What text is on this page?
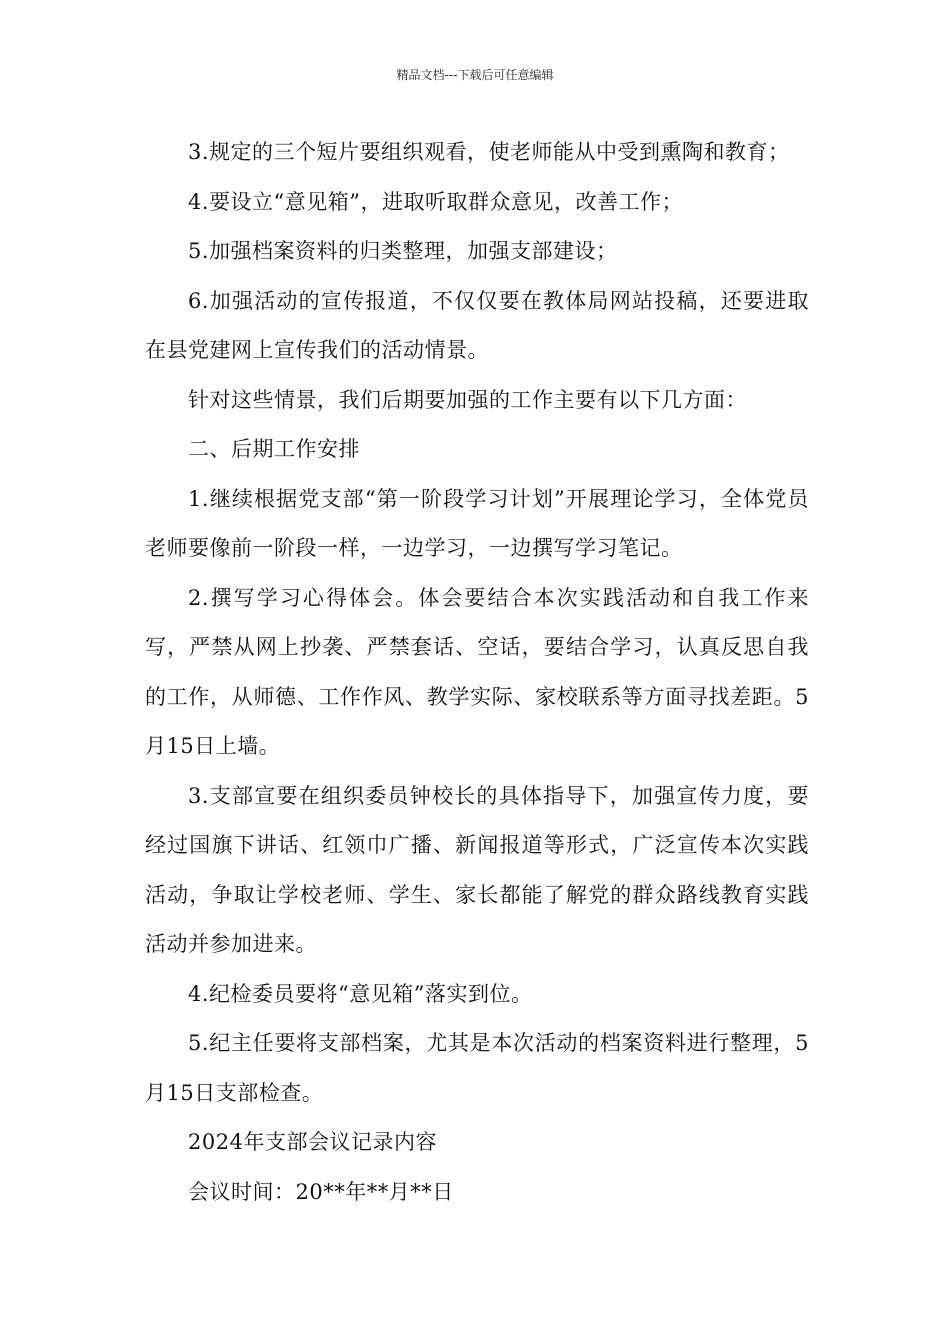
精品文档---下载后可任意编辑

3.规定的三个短片要组织观看，使老师能从中受到熏陶和教育；

4.要设立“意见箱”，进取听取群众意见，改善工作；

5.加强档案资料的归类整理，加强支部建设；

6.加强活动的宣传报道，不仅仅要在教体局网站投稿，还要进取在县党建网上宣传我们的活动情景。

针对这些情景，我们后期要加强的工作主要有以下几方面：

二、后期工作安排

1.继续根据党支部“第一阶段学习计划”开展理论学习，全体党员老师要像前一阶段一样，一边学习，一边撰写学习笔记。

2.撰写学习心得体会。体会要结合本次实践活动和自我工作来写，严禁从网上抄袭、严禁套话、空话，要结合学习，认真反思自我的工作，从师德、工作作风、教学实际、家校联系等方面寻找差距。5月15日上墙。

3.支部宣要在组织委员钟校长的具体指导下，加强宣传力度，要经过国旗下讲话、红领巾广播、新闻报道等形式，广泛宣传本次实践活动，争取让学校老师、学生、家长都能了解党的群众路线教育实践活动并参加进来。

4.纪检委员要将“意见箱”落实到位。

5.纪主任要将支部档案，尤其是本次活动的档案资料进行整理，5月15日支部检查。

2024年支部会议记录内容

会议时间：20**年**月**日
